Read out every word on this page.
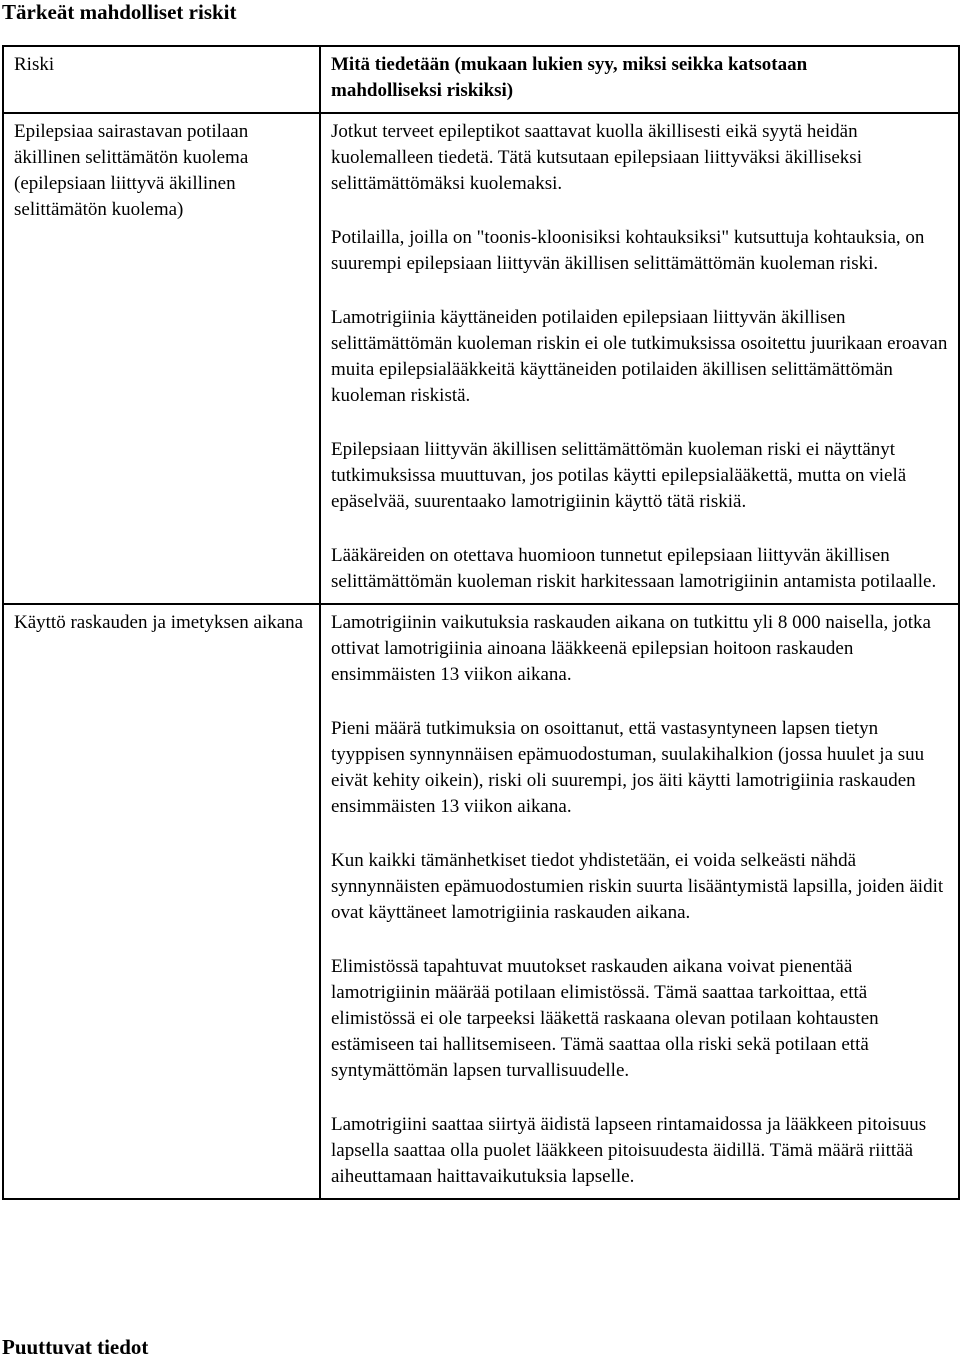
Tärkeät mahdolliset riskit
Riski	Mitä tiedetään (mukaan lukien syy, miksi seikka katsotaan
mahdolliseksi riskiksi)
Epilepsiaa sairastavan potilaan äkillinen selittämätön kuolema (epilepsiaan liittyvä äkillinen selittämätön kuolema)	Jotkut terveet epileptikot saattavat kuolla äkillisesti eikä syytä heidän kuolemalleen tiedetä. Tätä kutsutaan epilepsiaan liittyväksi äkilliseksi selittämättömäksi kuolemaksi.

Potilailla, joilla on "toonis-kloonisiksi kohtauksiksi" kutsuttuja kohtauksia, on suurempi epilepsiaan liittyvän äkillisen selittämättömän kuoleman riski.

Lamotrigiinia käyttäneiden potilaiden epilepsiaan liittyvän äkillisen selittämättömän kuoleman riskin ei ole tutkimuksissa osoitettu juurikaan eroavan muita epilepsialääkkeitä käyttäneiden potilaiden äkillisen selittämättömän kuoleman riskistä.

Epilepsiaan liittyvän äkillisen selittämättömän kuoleman riski ei näyttänyt tutkimuksissa muuttuvan, jos potilas käytti epilepsialääkettä, mutta on vielä epäselvää, suurentaako lamotrigiinin käyttö tätä riskiä.

Lääkäreiden on otettava huomioon tunnetut epilepsiaan liittyvän äkillisen selittämättömän kuoleman riskit harkitessaan lamotrigiinin antamista potilaalle.

Käyttö raskauden ja imetyksen aikana	Lamotrigiinin vaikutuksia raskauden aikana on tutkittu yli 8 000 naisella, jotka ottivat lamotrigiinia ainoana lääkkeenä epilepsian hoitoon raskauden ensimmäisten 13 viikon aikana.

Pieni määrä tutkimuksia on osoittanut, että vastasyntyneen lapsen tietyn tyyppisen synnynnäisen epämuodostuman, suulakihalkion (jossa huulet ja suu eivät kehity oikein), riski oli suurempi, jos äiti käytti lamotrigiinia raskauden ensimmäisten 13 viikon aikana.

Kun kaikki tämänhetkiset tiedot yhdistetään, ei voida selkeästi nähdä synnynnäisten epämuodostumien riskin suurta lisääntymistä lapsilla, joiden äidit ovat käyttäneet lamotrigiinia raskauden aikana.

Elimistössä tapahtuvat muutokset raskauden aikana voivat pienentää lamotrigiinin määrää potilaan elimistössä. Tämä saattaa tarkoittaa, että elimistössä ei ole tarpeeksi lääkettä raskaana olevan potilaan kohtausten estämiseen tai hallitsemiseen. Tämä saattaa olla riski sekä potilaan että syntymättömän lapsen turvallisuudelle.

Lamotrigiini saattaa siirtyä äidistä lapseen rintamaidossa ja lääkkeen pitoisuus lapsella saattaa olla puolet lääkkeen pitoisuudesta äidillä. Tämä määrä riittää aiheuttamaan haittavaikutuksia lapselle.

Puuttuvat tiedot
